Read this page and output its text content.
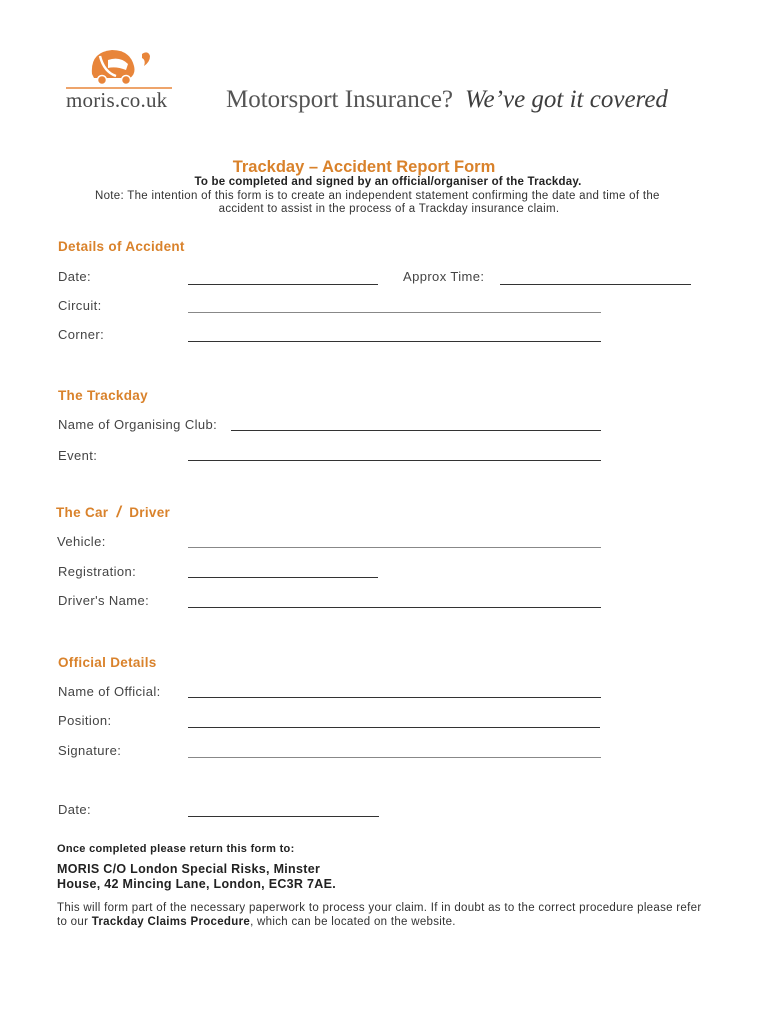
moris.co.uk Motorsport Insurance? We’ve got it covered
Trackday – Accident Report Form
To be completed and signed by an official/organiser of the Trackday.
Note: The intention of this form is to create an independent statement confirming the date and time of the
accident to assist in the process of a Trackday insurance claim.
Details of Accident
Date:	Approx Time:
Circuit:
Corner:
The Trackday
Name of Organising Club:
Event:
The Car / Driver
Vehicle:
Registration:
Driver's Name:
Official Details
Name of Official:
Position:
Signature:
Date:
Once completed please return this form to:
MORIS C/O London Special Risks, Minster
House, 42 Mincing Lane, London, EC3R 7AE.
This will form part of the necessary paperwork to process your claim. If in doubt as to the correct procedure please refer to our Trackday Claims Procedure, which can be located on the website.
